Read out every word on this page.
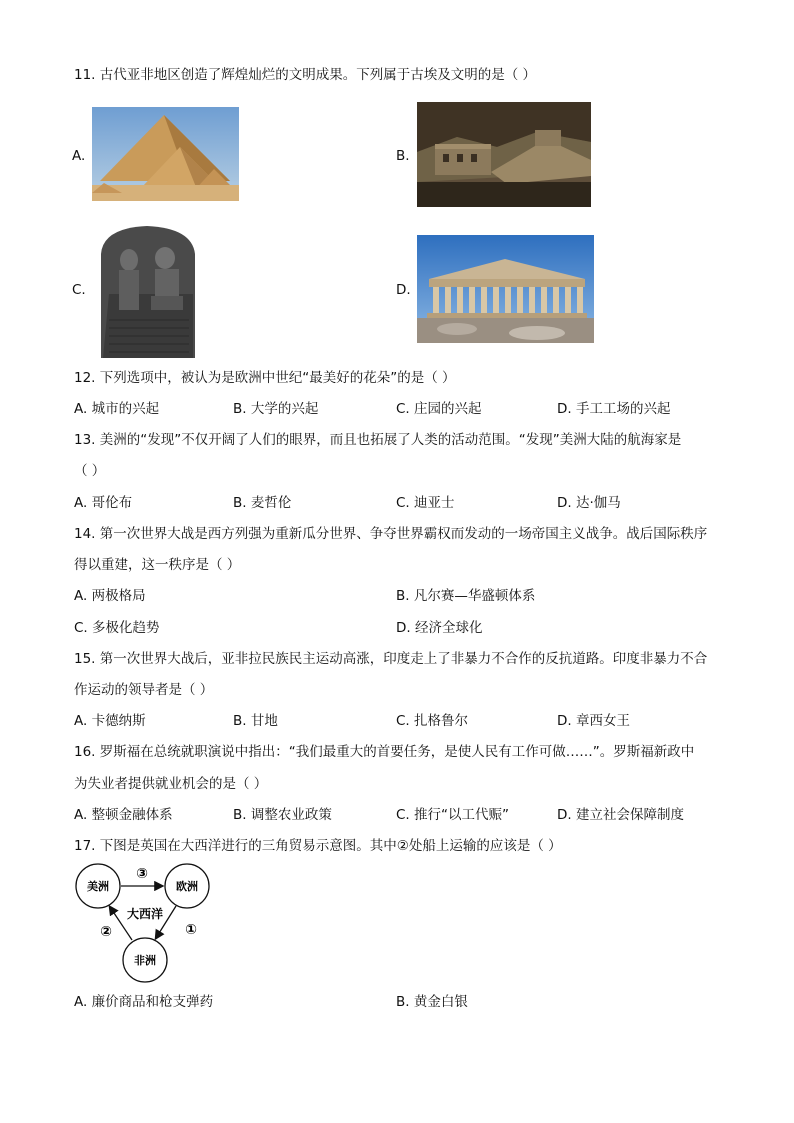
11. 古代亚非地区创造了辉煌灿烂的文明成果。下列属于古埃及文明的是（ ）
A.	B.
C.	D.
12. 下列选项中，被认为是欧洲中世纪“最美好的花朵”的是（ ）
A. 城市的兴起	B. 大学的兴起	C. 庄园的兴起	D. 手工工场的兴起
13. 美洲的“发现”不仅开阔了人们的眼界，而且也拓展了人类的活动范围。“发现”美洲大陆的航海家是
（ ）
A. 哥伦布	B. 麦哲伦	C. 迪亚士	D. 达·伽马
14. 第一次世界大战是西方列强为重新瓜分世界、争夺世界霸权而发动的一场帝国主义战争。战后国际秩序
得以重建，这一秩序是（ ）
A. 两极格局	B. 凡尔赛—华盛顿体系
C. 多极化趋势	D. 经济全球化
15. 第一次世界大战后，亚非拉民族民主运动高涨，印度走上了非暴力不合作的反抗道路。印度非暴力不合
作运动的领导者是（ ）
A. 卡德纳斯	B. 甘地	C. 扎格鲁尔	D. 章西女王
16. 罗斯福在总统就职演说中指出：“我们最重大的首要任务，是使人民有工作可做……”。罗斯福新政中
为失业者提供就业机会的是（ ）
A. 整顿金融体系	B. 调整农业政策	C. 推行“以工代赈”	D. 建立社会保障制度
17. 下图是英国在大西洋进行的三角贸易示意图。其中②处船上运输的应该是（ ）
美洲	欧洲
非洲
大西洋
③
①
②
A. 廉价商品和枪支弹药	B. 黄金白银
